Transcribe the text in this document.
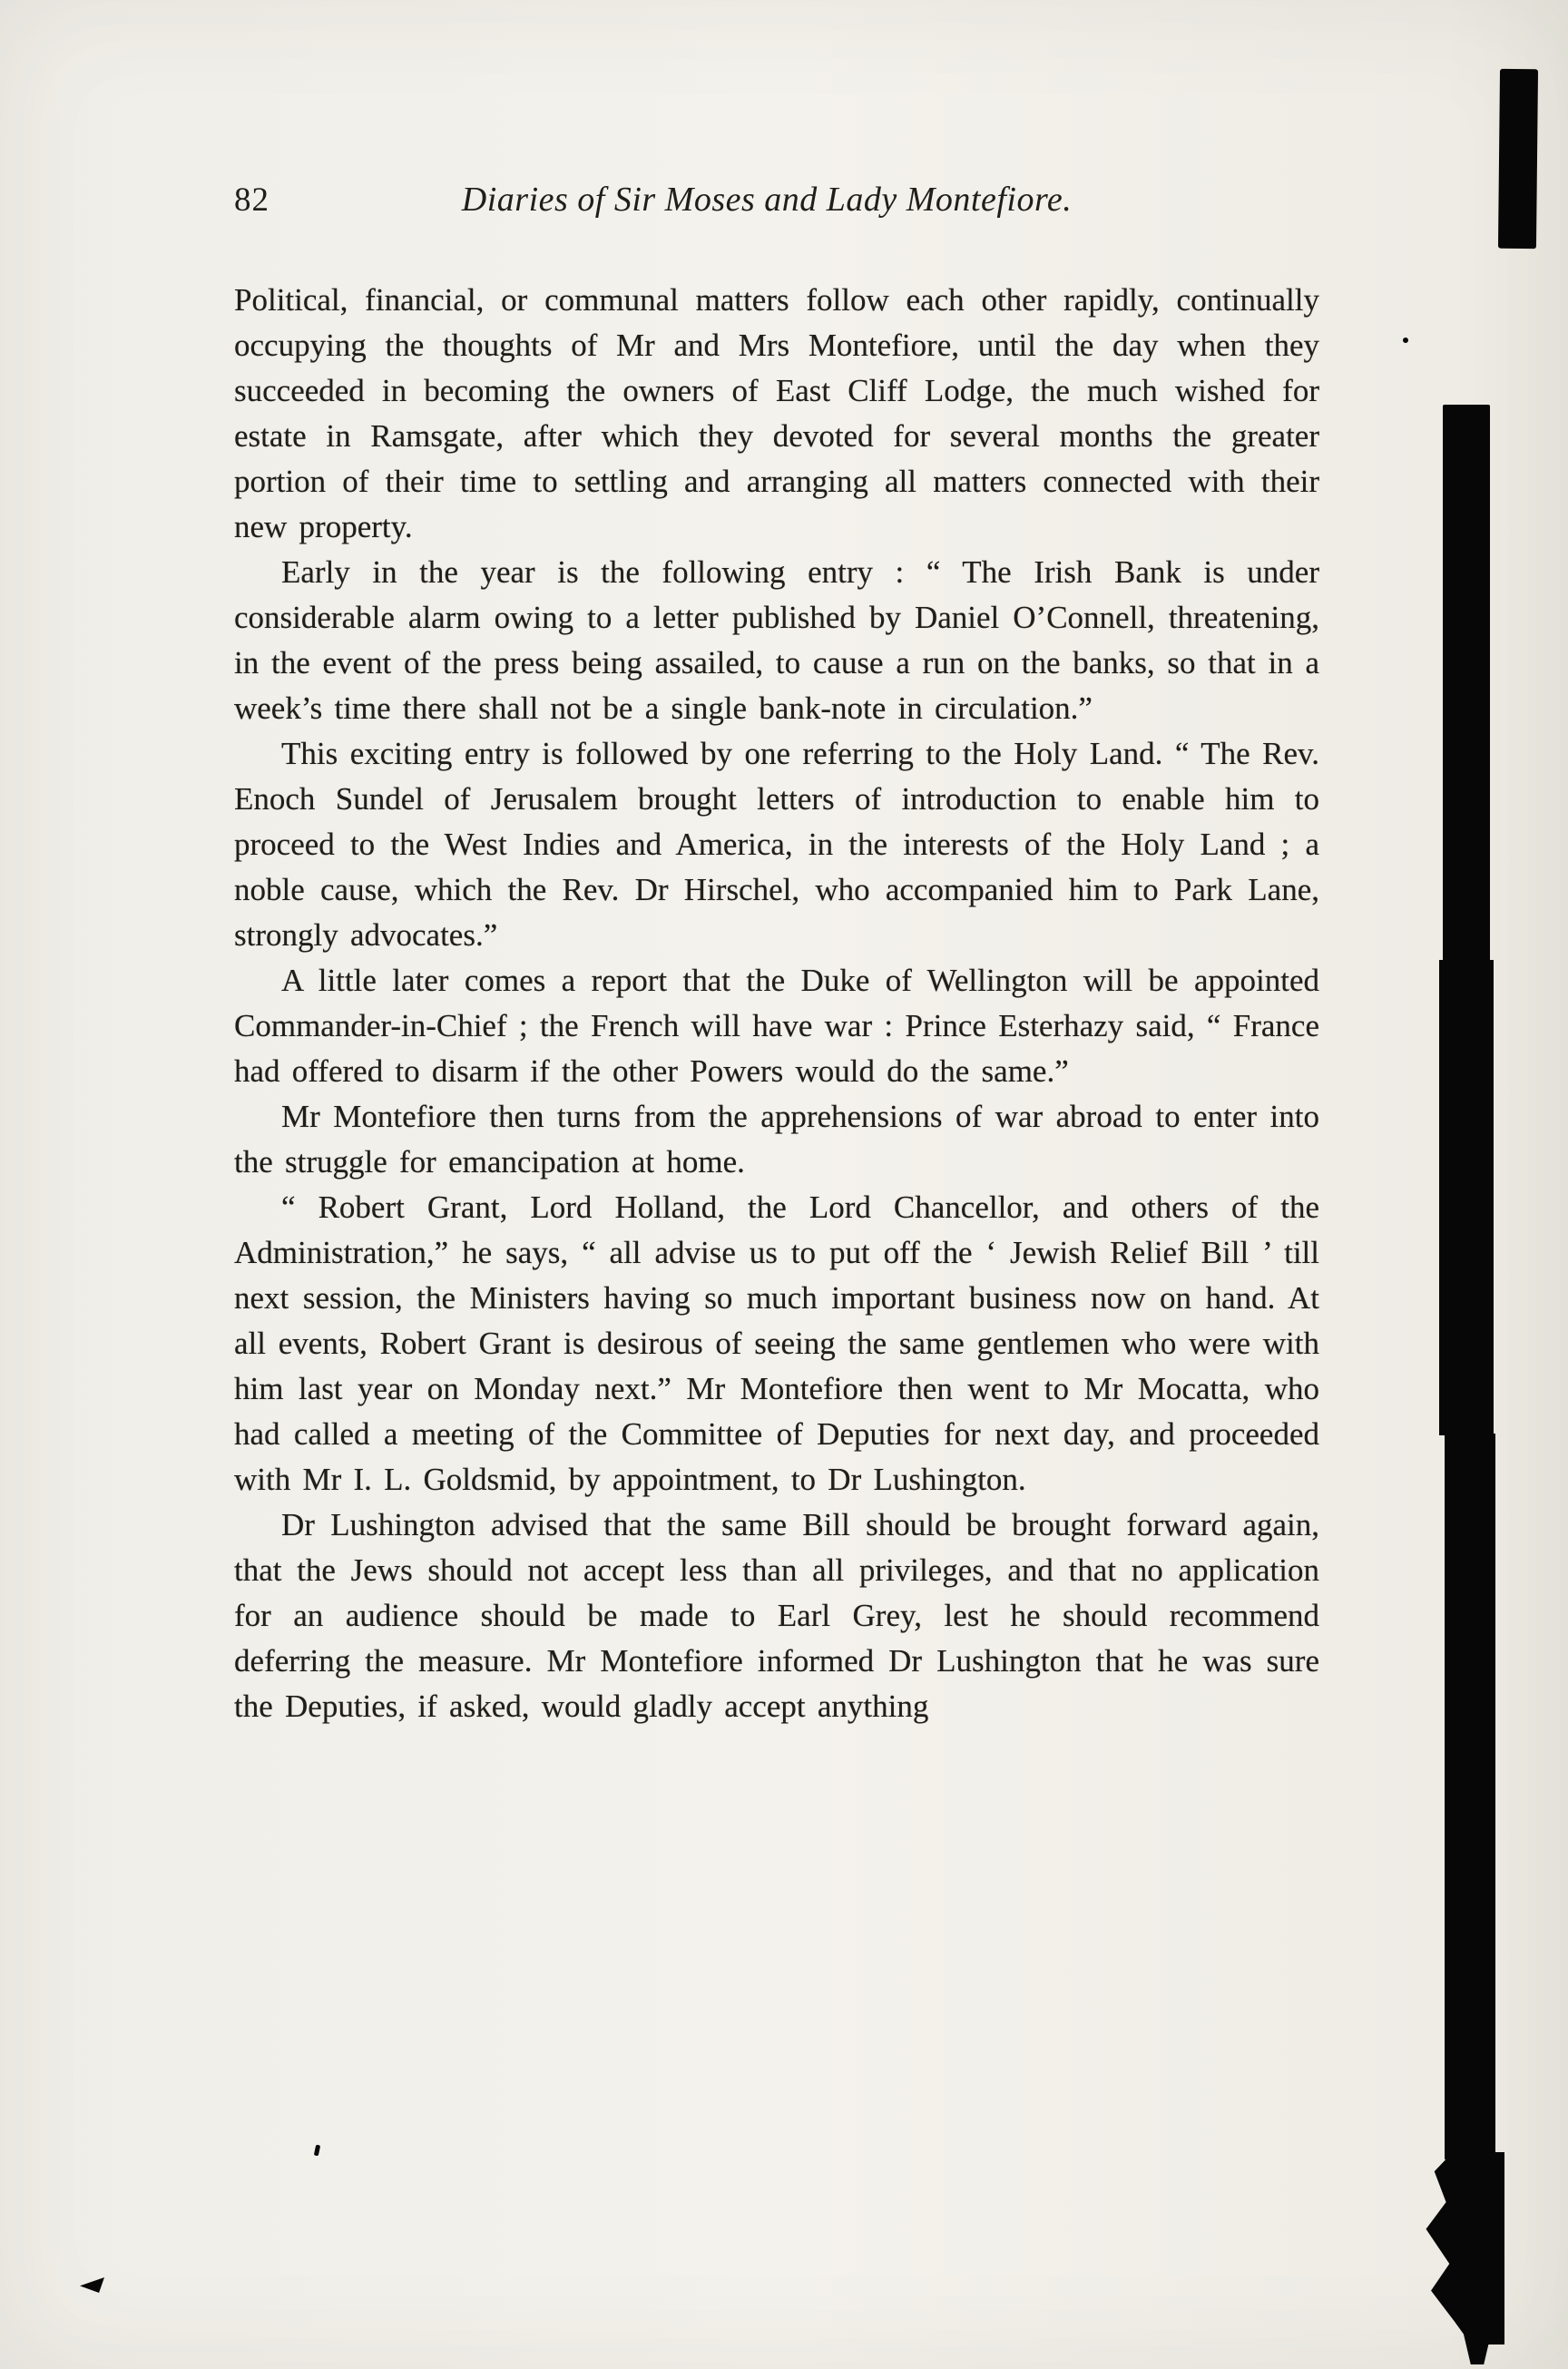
82	Diaries of Sir Moses and Lady Montefiore.

Political, financial, or communal matters follow each other rapidly, continually occupying the thoughts of Mr and Mrs Montefiore, until the day when they succeeded in becoming the owners of East Cliff Lodge, the much wished for estate in Ramsgate, after which they devoted for several months the greater portion of their time to settling and arranging all matters connected with their new property.

Early in the year is the following entry : “ The Irish Bank is under considerable alarm owing to a letter published by Daniel O’Connell, threatening, in the event of the press being assailed, to cause a run on the banks, so that in a week’s time there shall not be a single bank-note in circulation.”

This exciting entry is followed by one referring to the Holy Land. “ The Rev. Enoch Sundel of Jerusalem brought letters of introduction to enable him to proceed to the West Indies and America, in the interests of the Holy Land ; a noble cause, which the Rev. Dr Hirschel, who accompanied him to Park Lane, strongly advocates.”

A little later comes a report that the Duke of Wellington will be appointed Commander-in-Chief ; the French will have war : Prince Esterhazy said, “ France had offered to disarm if the other Powers would do the same.”

Mr Montefiore then turns from the apprehensions of war abroad to enter into the struggle for emancipation at home.

“ Robert Grant, Lord Holland, the Lord Chancellor, and others of the Administration,” he says, “ all advise us to put off the ‘ Jewish Relief Bill ’ till next session, the Ministers having so much important business now on hand. At all events, Robert Grant is desirous of seeing the same gentlemen who were with him last year on Monday next.” Mr Montefiore then went to Mr Mocatta, who had called a meeting of the Committee of Deputies for next day, and proceeded with Mr I. L. Goldsmid, by appointment, to Dr Lushington.

Dr Lushington advised that the same Bill should be brought forward again, that the Jews should not accept less than all privileges, and that no application for an audience should be made to Earl Grey, lest he should recommend deferring the measure. Mr Montefiore informed Dr Lushington that he was sure the Deputies, if asked, would gladly accept anything
